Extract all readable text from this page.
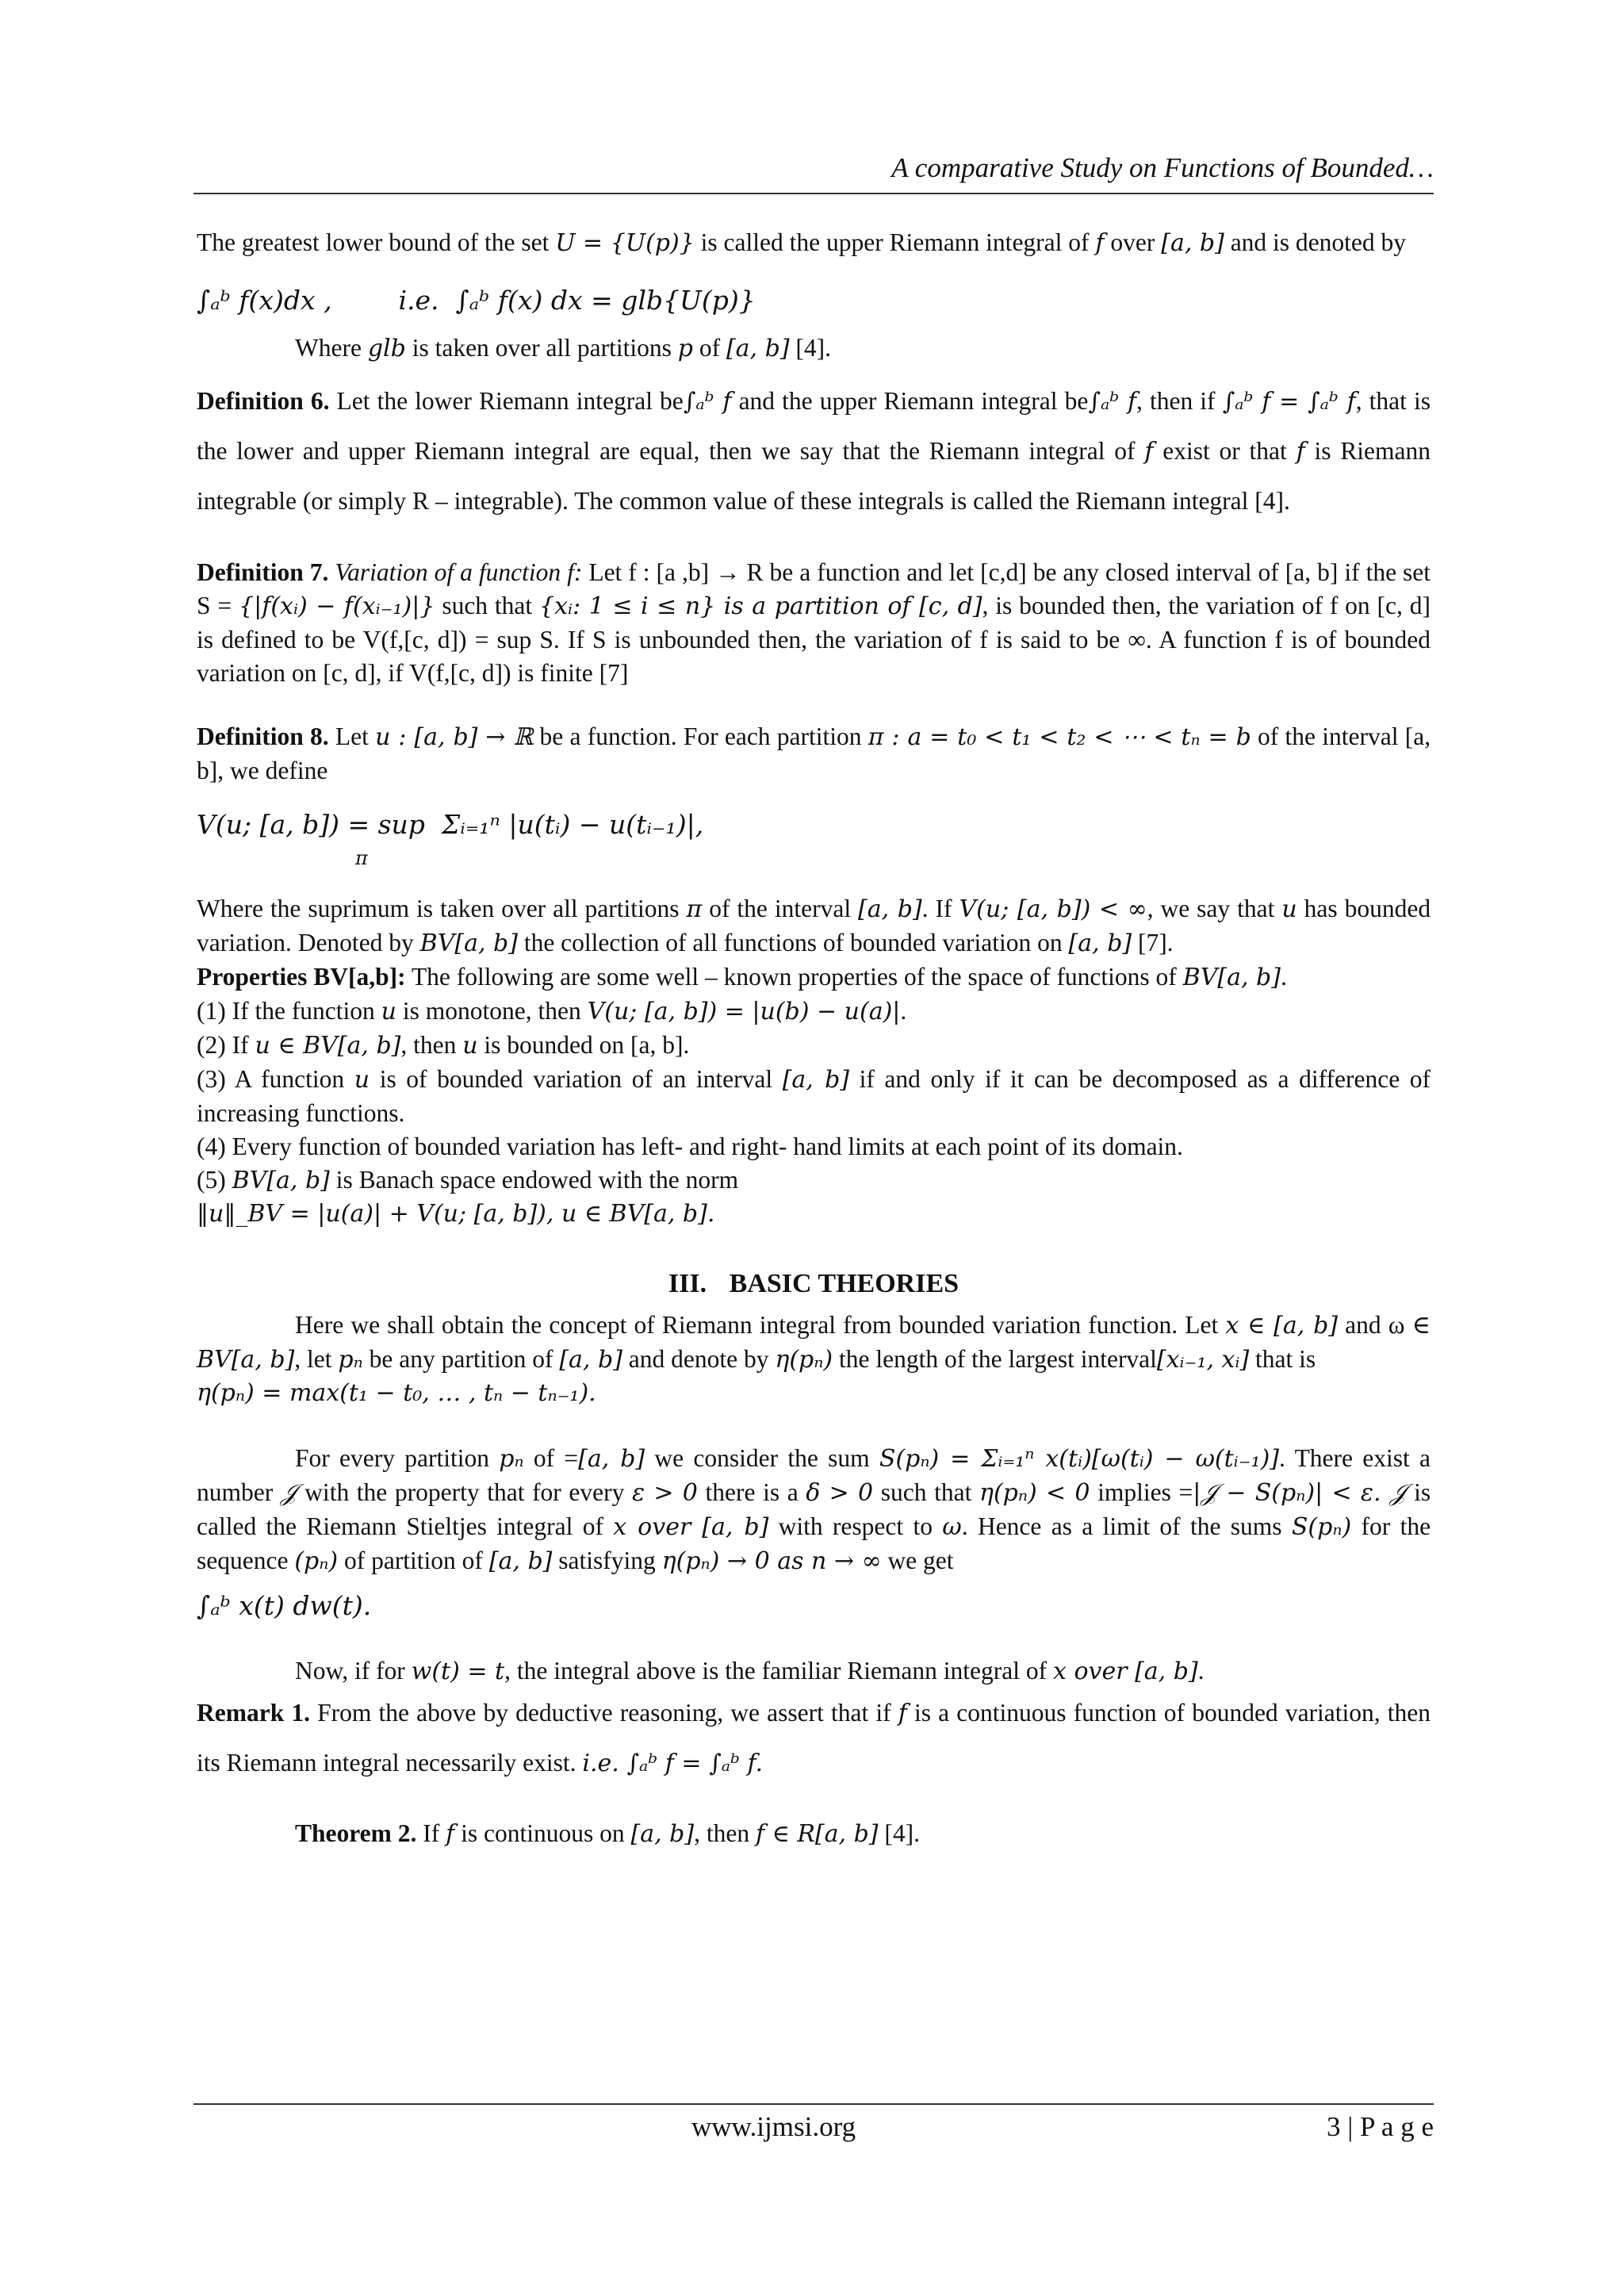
A comparative Study on Functions of Bounded…

The greatest lower bound of the set U = {U(p)} is called the upper Riemann integral of f over [a, b] and is denoted by

∫ₐᵇ f(x)dx ,        i.e.  ∫ₐᵇ f(x) dx = glb{U(p)}

Where glb is taken over all partitions p of [a, b] [4].

Definition 6. Let the lower Riemann integral be∫ₐᵇ f and the upper Riemann integral be∫ₐᵇ f, then if ∫ₐᵇ f = ∫ₐᵇ f, that is the lower and upper Riemann integral are equal, then we say that the Riemann integral of f exist or that f is Riemann integrable (or simply R – integrable). The common value of these integrals is called the Riemann integral [4].

Definition 7. Variation of a function f: Let f : [a ,b] → R be a function and let [c,d] be any closed interval of [a, b] if the set S = {|f(xᵢ) − f(xᵢ₋₁)|} such that {xᵢ: 1 ≤ i ≤ n} is a partition of [c, d], is bounded then, the variation of f on [c, d] is defined to be V(f,[c, d]) = sup S. If S is unbounded then, the variation of f is said to be ∞. A function f is of bounded variation on [c, d], if V(f,[c, d]) is finite [7]

Definition 8. Let u : [a, b] → ℝ be a function. For each partition π : a = t₀ < t₁ < t₂ < ⋯ < tₙ = b of the interval [a, b], we define

V(u; [a, b]) = sup  Σᵢ₌₁ⁿ |u(tᵢ) − u(tᵢ₋₁)|,
π

Where the suprimum is taken over all partitions π of the interval [a, b]. If V(u; [a, b]) < ∞, we say that u has bounded variation. Denoted by BV[a, b] the collection of all functions of bounded variation on [a, b] [7].

Properties BV[a,b]: The following are some well – known properties of the space of functions of BV[a, b].

(1) If the function u is monotone, then V(u; [a, b]) = |u(b) − u(a)|.

(2) If u ∈ BV[a, b], then u is bounded on [a, b].

(3) A function u is of bounded variation of an interval [a, b] if and only if it can be decomposed as a difference of increasing functions.

(4) Every function of bounded variation has left- and right- hand limits at each point of its domain.

(5) BV[a, b] is Banach space endowed with the norm

‖u‖_BV = |u(a)| + V(u; [a, b]), u ∈ BV[a, b].

III. BASIC THEORIES

Here we shall obtain the concept of Riemann integral from bounded variation function. Let x ∈ [a, b] and ω ∈ BV[a, b], let pₙ be any partition of [a, b] and denote by η(pₙ) the length of the largest interval[xᵢ₋₁, xᵢ] that is

η(pₙ) = max(t₁ − t₀, … , tₙ − tₙ₋₁).

For every partition pₙ of =[a, b] we consider the sum S(pₙ) = Σᵢ₌₁ⁿ x(tᵢ)[ω(tᵢ) − ω(tᵢ₋₁)]. There exist a number 𝒥 with the property that for every ε > 0 there is a δ > 0 such that η(pₙ) < 0 implies =|𝒥 − S(pₙ)| < ε. 𝒥 is called the Riemann Stieltjes integral of x over [a, b] with respect to ω. Hence as a limit of the sums S(pₙ) for the sequence (pₙ) of partition of [a, b] satisfying η(pₙ) → 0 as n → ∞ we get

∫ₐᵇ x(t) dw(t).

Now, if for w(t) = t, the integral above is the familiar Riemann integral of x over [a, b].

Remark 1. From the above by deductive reasoning, we assert that if f is a continuous function of bounded variation, then its Riemann integral necessarily exist. i.e. ∫ₐᵇ f = ∫ₐᵇ f.

Theorem 2. If f is continuous on [a, b], then f ∈ R[a, b] [4].

www.ijmsi.org	3 | P a g e
